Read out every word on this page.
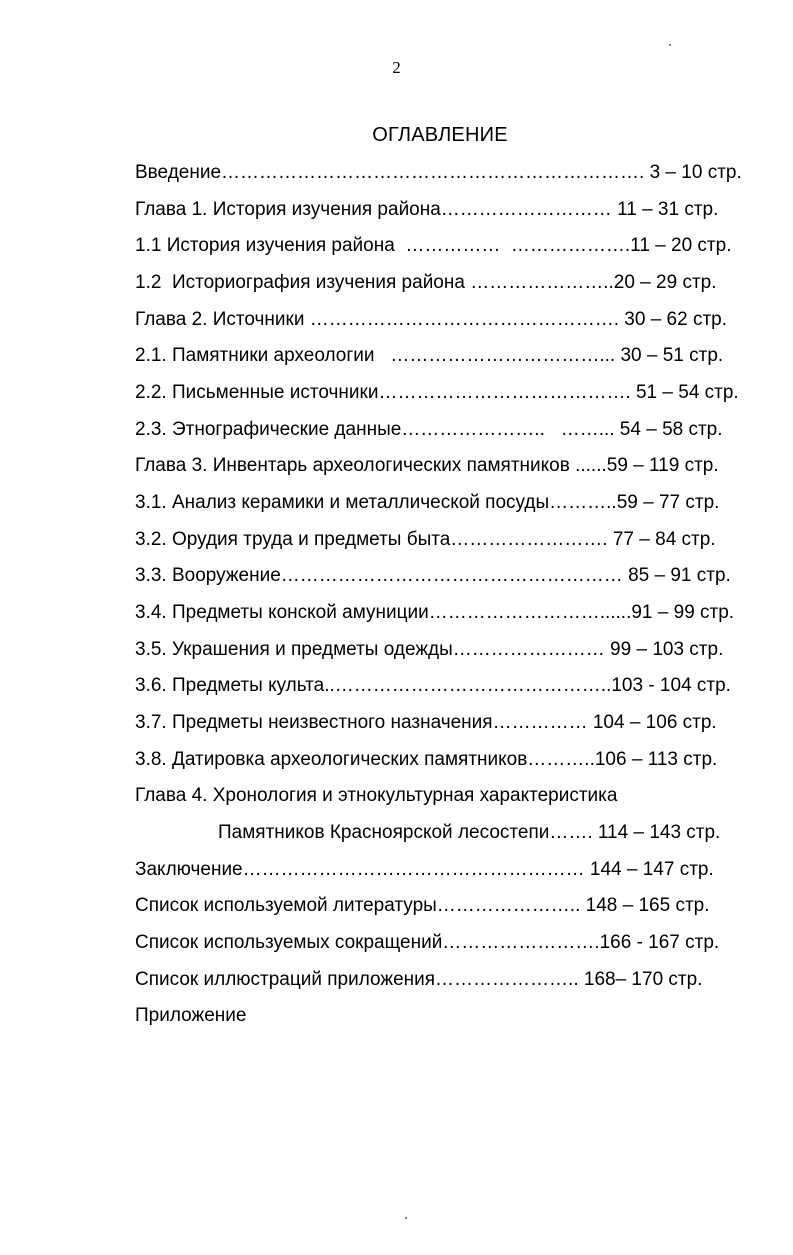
2
ОГЛАВЛЕНИЕ
Введение…………………………………………………………. 3 – 10 стр.
Глава 1. История изучения района……………………… 11 – 31 стр.
1.1 История изучения района  ……………  ……………….11 – 20 стр.
1.2  Историография изучения района …………………..20 – 29 стр.
Глава 2. Источники …………………………………………. 30 – 62 стр.
2.1. Памятники археологии   ……………………………... 30 – 51 стр.
2.2. Письменные источники…………………………………. 51 – 54 стр.
2.3. Этнографические данные…………………..   ……... 54 – 58 стр.
Глава 3. Инвентарь археологических памятников ......59 – 119 стр.
3.1. Анализ керамики и металлической посуды………..59 – 77 стр.
3.2. Орудия труда и предметы быта……………………. 77 – 84 стр.
3.3. Вооружение……………………………………………… 85 – 91 стр.
3.4. Предметы конской амуниции………………………......91 – 99 стр.
3.5. Украшения и предметы одежды…………………… 99 – 103 стр.
3.6. Предметы культа..……………………………………..103 - 104 стр.
3.7. Предметы неизвестного назначения…………… 104 – 106 стр.
3.8. Датировка археологических памятников………..106 – 113 стр.
Глава 4. Хронология и этнокультурная характеристика
Памятников Красноярской лесостепи……. 114 – 143 стр.
Заключение……………………………………………… 144 – 147 стр.
Список используемой литературы………………….. 148 – 165 стр.
Список используемых сокращений…………………….166 - 167 стр.
Список иллюстраций приложения………………….. 168– 170 стр.
Приложение
